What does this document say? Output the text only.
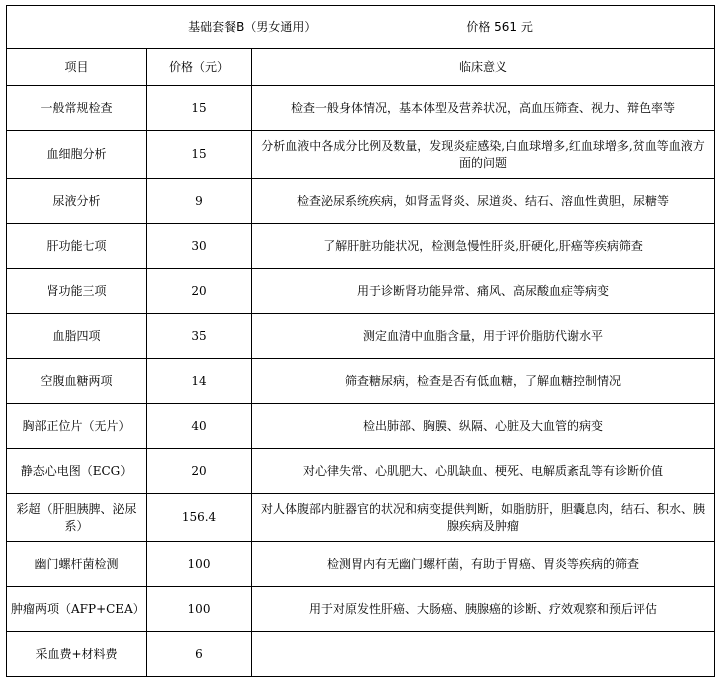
基础套餐B（男女通用） 价格 561 元		

项目	价格（元）	临床意义
一般常规检查	15	检查一般身体情况，基本体型及营养状况，高血压筛查、视力、辩色率等
血细胞分析	15	分析血液中各成分比例及数量，发现炎症感染,白血球增多,红血球增多,贫血等血液方面的问题
尿液分析	9	检查泌尿系统疾病，如肾盂肾炎、尿道炎、结石、溶血性黄胆，尿糖等
肝功能七项	30	了解肝脏功能状况，检测急慢性肝炎,肝硬化,肝癌等疾病筛查
肾功能三项	20	用于诊断肾功能异常、痛风、高尿酸血症等病变
血脂四项	35	测定血清中血脂含量，用于评价脂肪代谢水平
空腹血糖两项	14	筛查糖尿病，检查是否有低血糖，了解血糖控制情况
胸部正位片（无片）	40	检出肺部、胸膜、纵隔、心脏及大血管的病变
静态心电图（ECG）	20	对心律失常、心肌肥大、心肌缺血、梗死、电解质紊乱等有诊断价值
彩超（肝胆胰脾、泌尿系）	156.4	对人体腹部内脏器官的状况和病变提供判断，如脂肪肝，胆囊息肉，结石、积水、胰腺疾病及肿瘤
幽门螺杆菌检测	100	检测胃内有无幽门螺杆菌，有助于胃癌、胃炎等疾病的筛查
肿瘤两项（AFP+CEA）	100	用于对原发性肝癌、大肠癌、胰腺癌的诊断、疗效观察和预后评估
采血费+材料费	6	
